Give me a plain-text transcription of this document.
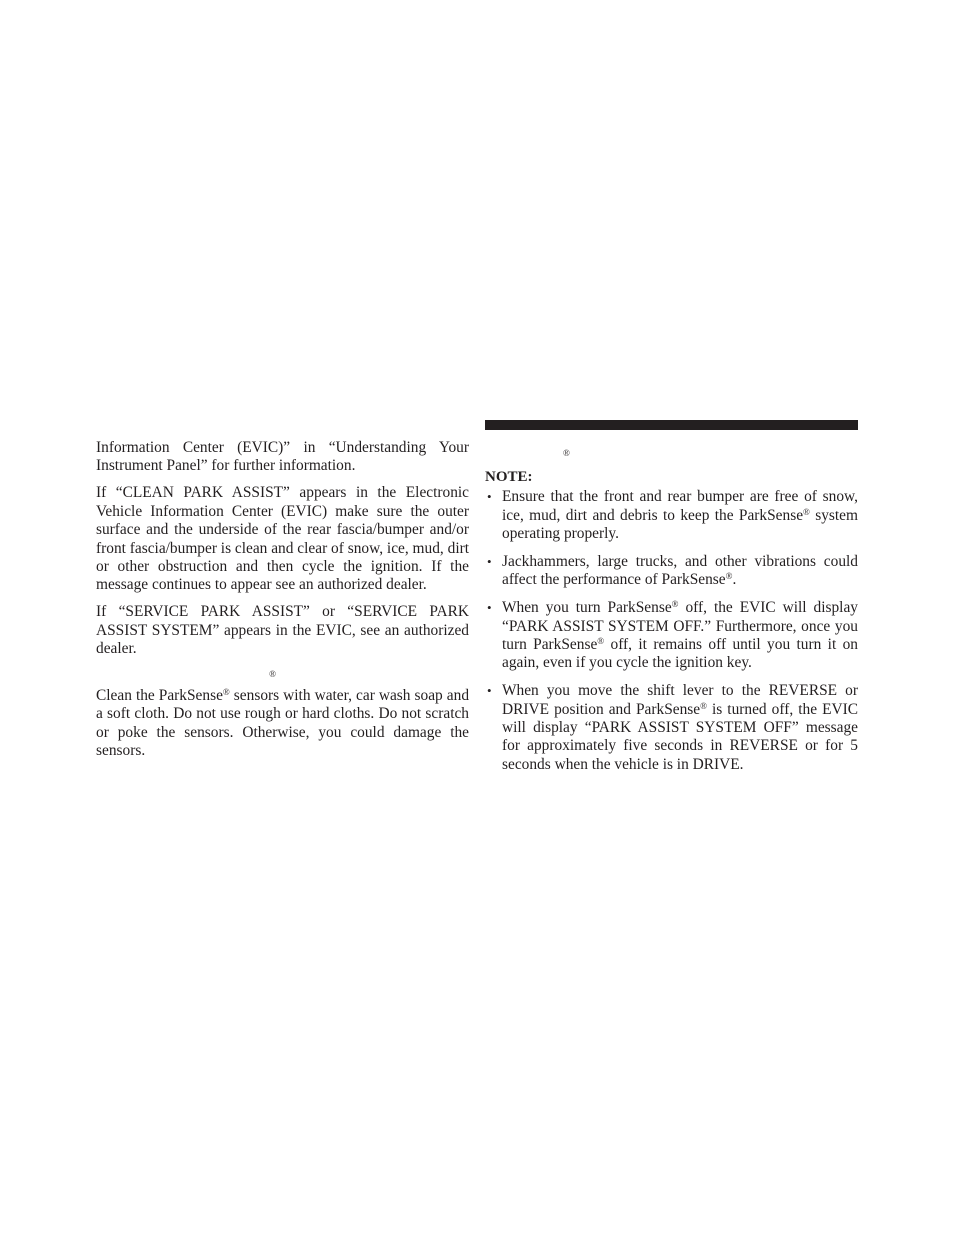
Information Center (EVIC)” in “Understanding Your Instrument Panel” for further information.

If “CLEAN PARK ASSIST” appears in the Electronic Vehicle Information Center (EVIC) make sure the outer surface and the underside of the rear fascia/bumper and/or front fascia/bumper is clean and clear of snow, ice, mud, dirt or other obstruction and then cycle the ignition. If the message continues to appear see an authorized dealer.

If “SERVICE PARK ASSIST” or “SERVICE PARK ASSIST SYSTEM” appears in the EVIC, see an authorized dealer.

®

Clean the ParkSense® sensors with water, car wash soap and a soft cloth. Do not use rough or hard cloths. Do not scratch or poke the sensors. Otherwise, you could damage the sensors.

®
NOTE:
• Ensure that the front and rear bumper are free of snow, ice, mud, dirt and debris to keep the ParkSense® system operating properly.
• Jackhammers, large trucks, and other vibrations could affect the performance of ParkSense®.
• When you turn ParkSense® off, the EVIC will display “PARK ASSIST SYSTEM OFF.” Furthermore, once you turn ParkSense® off, it remains off until you turn it on again, even if you cycle the ignition key.
• When you move the shift lever to the REVERSE or DRIVE position and ParkSense® is turned off, the EVIC will display “PARK ASSIST SYSTEM OFF” message for approximately five seconds in REVERSE or for 5 seconds when the vehicle is in DRIVE.
